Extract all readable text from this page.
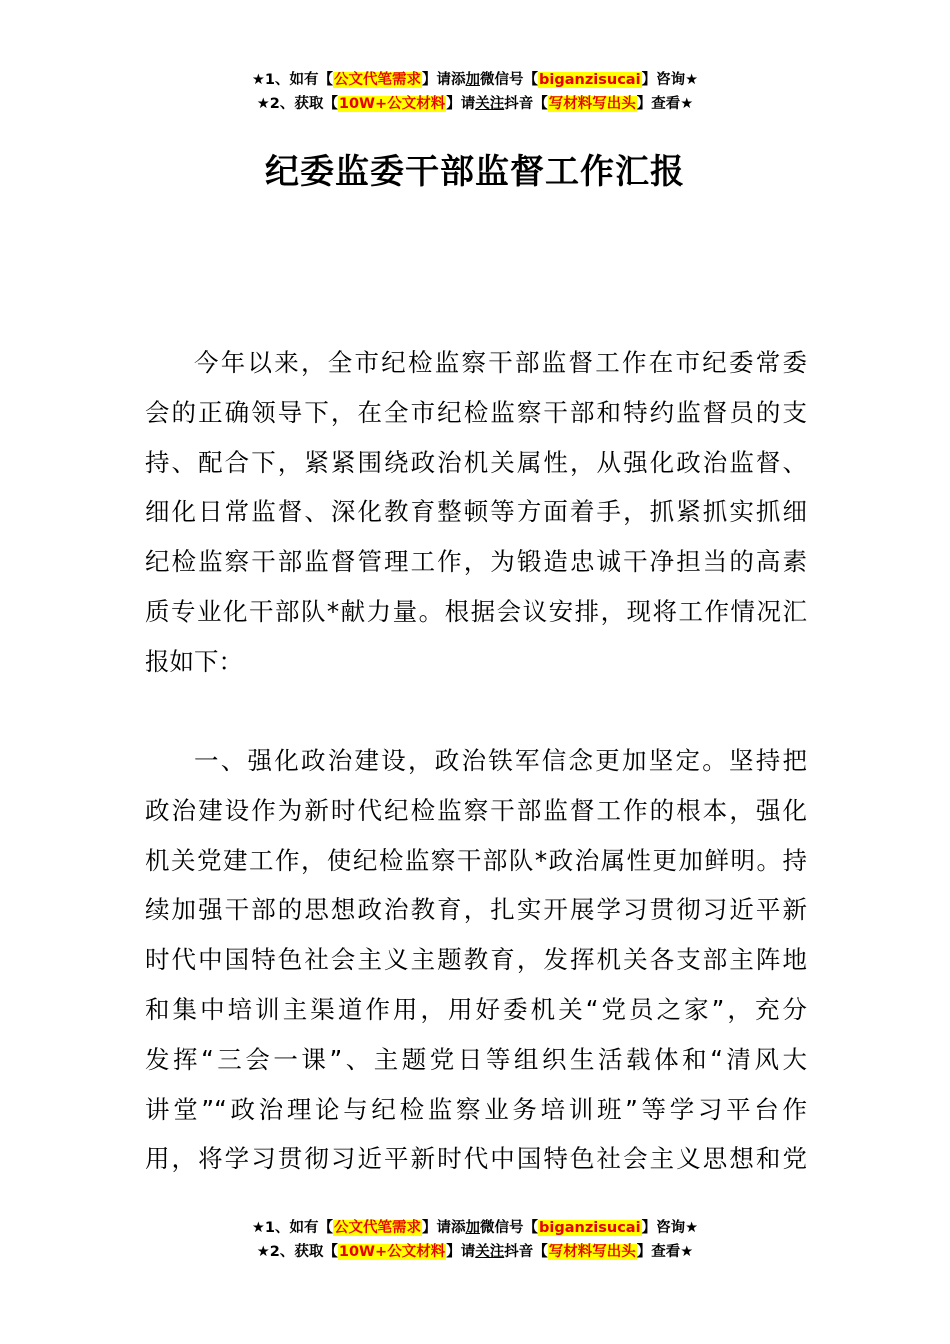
★1、如有【公文代笔需求】请添加微信号【biganzisucai】咨询★
★2、获取【10W+公文材料】请关注抖音【写材料写出头】查看★
纪委监委干部监督工作汇报
今年以来，全市纪检监察干部监督工作在市纪委常委
会的正确领导下，在全市纪检监察干部和特约监督员的支
持、配合下，紧紧围绕政治机关属性，从强化政治监督、
细化日常监督、深化教育整顿等方面着手，抓紧抓实抓细
纪检监察干部监督管理工作，为锻造忠诚干净担当的高素
质专业化干部队*献力量。根据会议安排，现将工作情况汇
报如下：
一、强化政治建设，政治铁军信念更加坚定。坚持把
政治建设作为新时代纪检监察干部监督工作的根本，强化
机关党建工作，使纪检监察干部队*政治属性更加鲜明。持
续加强干部的思想政治教育，扎实开展学习贯彻习近平新
时代中国特色社会主义主题教育，发挥机关各支部主阵地
和集中培训主渠道作用，用好委机关“党员之家”，充分
发挥“三会一课”、主题党日等组织生活载体和“清风大
讲堂”“政治理论与纪检监察业务培训班”等学习平台作
用，将学习贯彻习近平新时代中国特色社会主义思想和党
★1、如有【公文代笔需求】请添加微信号【biganzisucai】咨询★
★2、获取【10W+公文材料】请关注抖音【写材料写出头】查看★
